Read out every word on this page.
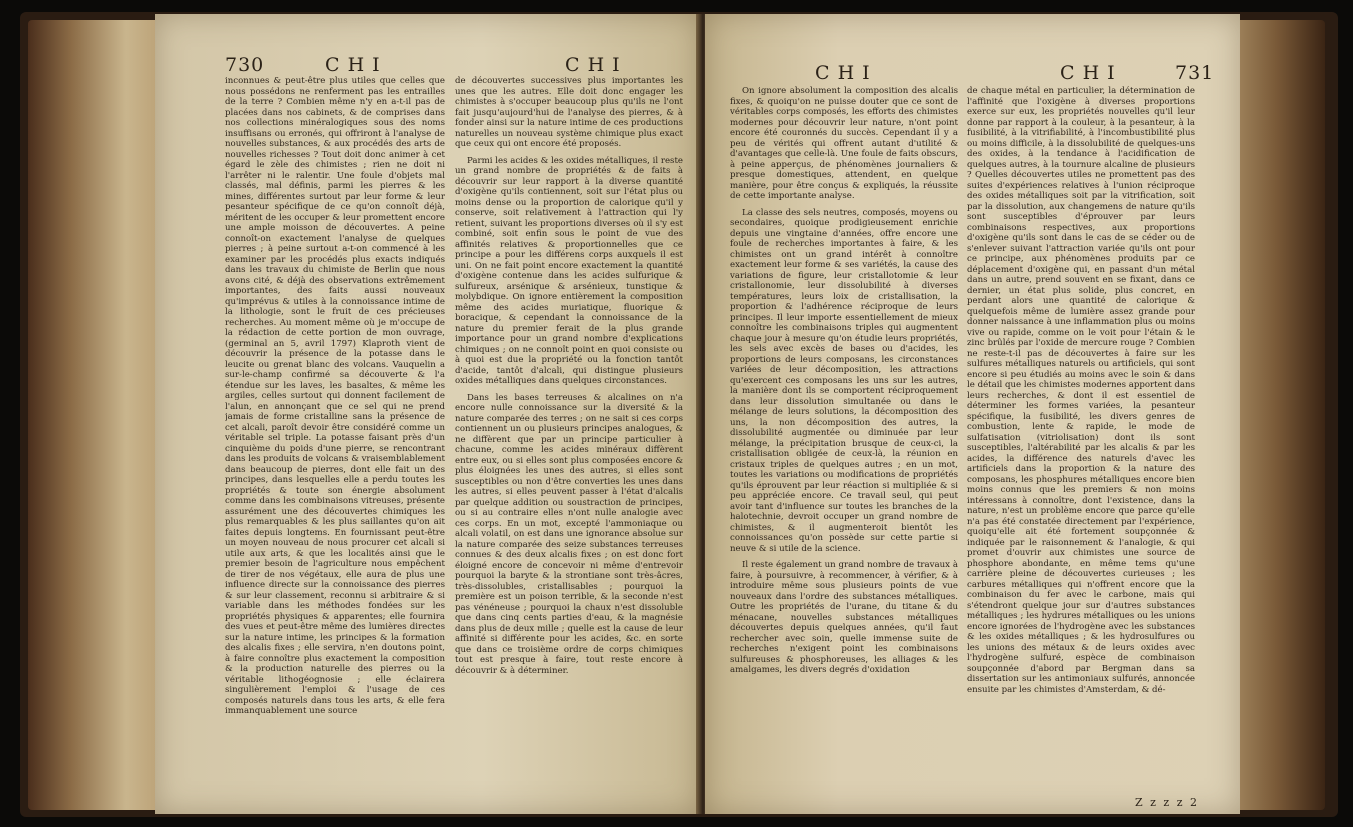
730	C H I	C H I

inconnues & peut-être plus utiles que celles que nous possédons ne renferment pas les entrailles de la terre ? Combien même n'y en a-t-il pas de placées dans nos cabinets, & de comprises dans nos collections minéralogiques sous des noms insuffisans ou erronés, qui offriront à l'analyse de nouvelles substances, & aux procédés des arts de nouvelles richesses ? Tout doit donc animer à cet égard le zèle des chimistes ; rien ne doit ni l'arrêter ni le ralentir. Une foule d'objets mal classés, mal définis, parmi les pierres & les mines, différentes surtout par leur forme & leur pesanteur spécifique de ce qu'on connoît déjà, méritent de les occuper & leur promettent encore une ample moisson de découvertes. A peine connoît-on exactement l'analyse de quelques pierres ; à peine surtout a-t-on commencé à les examiner par les procédés plus exacts indiqués dans les travaux du chimiste de Berlin que nous avons cité, & déjà des observations extrêmement importantes, des faits aussi nouveaux qu'imprévus & utiles à la connoissance intime de la lithologie, sont le fruit de ces précieuses recherches. Au moment même où je m'occupe de la rédaction de cette portion de mon ouvrage, (germinal an 5, avril 1797) Klaproth vient de découvrir la présence de la potasse dans le leucite ou grenat blanc des volcans. Vauquelin a sur-le-champ confirmé sa découverte & l'a étendue sur les laves, les basaltes, & même les argiles, celles surtout qui donnent facilement de l'alun, en annonçant que ce sel qui ne prend jamais de forme cristalline sans la présence de cet alcali, paroît devoir être considéré comme un véritable sel triple. La potasse faisant près d'un cinquième du poids d'une pierre, se rencontrant dans les produits de volcans & vraisemblablement dans beaucoup de pierres, dont elle fait un des principes, dans lesquelles elle a perdu toutes les propriétés & toute son énergie absolument comme dans les combinaisons vitreuses, présente assurément une des découvertes chimiques les plus remarquables & les plus saillantes qu'on ait faites depuis longtems. En fournissant peut-être un moyen nouveau de nous procurer cet alcali si utile aux arts, & que les localités ainsi que le premier besoin de l'agriculture nous empêchent de tirer de nos végétaux, elle aura de plus une influence directe sur la connoissance des pierres & sur leur classement, reconnu si arbitraire & si variable dans les méthodes fondées sur les propriétés physiques & apparentes; elle fournira des vues et peut-être même des lumières directes sur la nature intime, les principes & la formation des alcalis fixes ; elle servira, n'en doutons point, à faire connoître plus exactement la composition & la production naturelle des pierres ou la véritable lithogéognosie ; elle éclairera singulièrement l'emploi & l'usage de ces composés naturels dans tous les arts, & elle fera immanquablement une source

de découvertes successives plus importantes les unes que les autres. Elle doit donc engager les chimistes à s'occuper beaucoup plus qu'ils ne l'ont fait jusqu'aujourd'hui de l'analyse des pierres, & à fonder ainsi sur la nature intime de ces productions naturelles un nouveau système chimique plus exact que ceux qui ont encore été proposés.

Parmi les acides & les oxides métalliques, il reste un grand nombre de propriétés & de faits à découvrir sur leur rapport à la diverse quantité d'oxigène qu'ils contiennent, soit sur l'état plus ou moins dense ou la proportion de calorique qu'il y conserve, soit relativement à l'attraction qui l'y retient, suivant les proportions diverses où il s'y est combiné, soit enfin sous le point de vue des affinités relatives & proportionnelles que ce principe a pour les différens corps auxquels il est uni. On ne fait point encore exactement la quantité d'oxigène contenue dans les acides sulfurique & sulfureux, arsénique & arsénieux, tunstique & molybdique. On ignore entièrement la composition même des acides muriatique, fluorique & boracique, & cependant la connoissance de la nature du premier ferait de la plus grande importance pour un grand nombre d'explications chimiques ; on ne connoît point en quoi consiste ou à quoi est due la propriété ou la fonction tantôt d'acide, tantôt d'alcali, qui distingue plusieurs oxides métalliques dans quelques circonstances.

Dans les bases terreuses & alcalines on n'a encore nulle connoissance sur la diversité & la nature comparée des terres ; on ne sait si ces corps contiennent un ou plusieurs principes analogues, & ne diffèrent que par un principe particulier à chacune, comme les acides minéraux diffèrent entre eux, ou si elles sont plus composées encore & plus éloignées les unes des autres, si elles sont susceptibles ou non d'être converties les unes dans les autres, si elles peuvent passer à l'état d'alcalis par quelque addition ou soustraction de principes, ou si au contraire elles n'ont nulle analogie avec ces corps. En un mot, excepté l'ammoniaque ou alcali volatil, on est dans une ignorance absolue sur la nature comparée des seize substances terreuses connues & des deux alcalis fixes ; on est donc fort éloigné encore de concevoir ni même d'entrevoir pourquoi la baryte & la strontiane sont très-âcres, très-dissolubles, cristallisables ; pourquoi la première est un poison terrible, & la seconde n'est pas vénéneuse ; pourquoi la chaux n'est dissoluble que dans cinq cents parties d'eau, & la magnésie dans plus de deux mille ; quelle est la cause de leur affinité si différente pour les acides, &c. en sorte que dans ce troisième ordre de corps chimiques tout est presque à faire, tout reste encore à découvrir & à déterminer.

C H I	C H I	731

On ignore absolument la composition des alcalis fixes, & quoiqu'on ne puisse douter que ce sont de véritables corps composés, les efforts des chimistes modernes pour découvrir leur nature, n'ont point encore été couronnés du succès. Cependant il y a peu de vérités qui offrent autant d'utilité & d'avantages que celle-là. Une foule de faits obscurs, à peine apperçus, de phénomènes journaliers & presque domestiques, attendent, en quelque manière, pour être conçus & expliqués, la réussite de cette importante analyse.

La classe des sels neutres, composés, moyens ou secondaires, quoique prodigieusement enrichie depuis une vingtaine d'années, offre encore une foule de recherches importantes à faire, & les chimistes ont un grand intérêt à connoître exactement leur forme & ses variétés, la cause des variations de figure, leur cristallotomie & leur cristallonomie, leur dissolubilité à diverses températures, leurs loix de cristallisation, la proportion & l'adhérence réciproque de leurs principes. Il leur importe essentiellement de mieux connoître les combinaisons triples qui augmentent chaque jour à mesure qu'on étudie leurs propriétés, les sels avec excès de bases ou d'acides, les proportions de leurs composans, les circonstances variées de leur décomposition, les attractions qu'exercent ces composans les uns sur les autres, la manière dont ils se comportent réciproquement dans leur dissolution simultanée ou dans le mélange de leurs solutions, la décomposition des uns, la non décomposition des autres, la dissolubilité augmentée ou diminuée par leur mélange, la précipitation brusque de ceux-ci, la cristallisation obligée de ceux-là, la réunion en cristaux triples de quelques autres ; en un mot, toutes les variations ou modifications de propriétés qu'ils éprouvent par leur réaction si multipliée & si peu appréciée encore. Ce travail seul, qui peut avoir tant d'influence sur toutes les branches de la halotechnie, devroit occuper un grand nombre de chimistes, & il augmenteroit bientôt les connoissances qu'on possède sur cette partie si neuve & si utile de la science.

Il reste également un grand nombre de travaux à faire, à poursuivre, à recommencer, à vérifier, & à introduire même sous plusieurs points de vue nouveaux dans l'ordre des substances métalliques. Outre les propriétés de l'urane, du titane & du ménacane, nouvelles substances métalliques découvertes depuis quelques années, qu'il faut rechercher avec soin, quelle immense suite de recherches n'exigent point les combinaisons sulfureuses & phosphoreuses, les alliages & les amalgames, les divers degrés d'oxidation

de chaque métal en particulier, la détermination de l'affinité que l'oxigène à diverses proportions exerce sur eux, les propriétés nouvelles qu'il leur donne par rapport à la couleur, à la pesanteur, à la fusibilité, à la vitrifiabilité, à l'incombustibilité plus ou moins difficile, à la dissolubilité de quelques-uns des oxides, à la tendance à l'acidification de quelques autres, à la tournure alcaline de plusieurs ? Quelles découvertes utiles ne promettent pas des suites d'expériences relatives à l'union réciproque des oxides métalliques soit par la vitrification, soit par la dissolution, aux changemens de nature qu'ils sont susceptibles d'éprouver par leurs combinaisons respectives, aux proportions d'oxigène qu'ils sont dans le cas de se céder ou de s'enlever suivant l'attraction variée qu'ils ont pour ce principe, aux phénomènes produits par ce déplacement d'oxigène qui, en passant d'un métal dans un autre, prend souvent en se fixant, dans ce dernier, un état plus solide, plus concret, en perdant alors une quantité de calorique & quelquefois même de lumière assez grande pour donner naissance à une inflammation plus ou moins vive ou rapide, comme on le voit pour l'étain & le zinc brûlés par l'oxide de mercure rouge ? Combien ne reste-t-il pas de découvertes à faire sur les sulfures métalliques naturels ou artificiels, qui sont encore si peu étudiés au moins avec le soin & dans le détail que les chimistes modernes apportent dans leurs recherches, & dont il est essentiel de déterminer les formes variées, la pesanteur spécifique, la fusibilité, les divers genres de combustion, lente & rapide, le mode de sulfatisation (vitriolisation) dont ils sont susceptibles, l'altérabilité par les alcalis & par les acides, la différence des naturels d'avec les artificiels dans la proportion & la nature des composans, les phosphures métalliques encore bien moins connus que les premiers & non moins intéressans à connoître, dont l'existence, dans la nature, n'est un problème encore que parce qu'elle n'a pas été constatée directement par l'expérience, quoiqu'elle ait été fortement soupçonnée & indiquée par le raisonnement & l'analogie, & qui promet d'ouvrir aux chimistes une source de phosphore abondante, en même tems qu'une carrière pleine de découvertes curieuses ; les carbures métalliques qui n'offrent encore que la combinaison du fer avec le carbone, mais qui s'étendront quelque jour sur d'autres substances métalliques ; les hydrures métalliques ou les unions encore ignorées de l'hydrogène avec les substances & les oxides métalliques ; & les hydrosulfures ou les unions des métaux & de leurs oxides avec l'hydrogène sulfuré, espèce de combinaison soupçonnée d'abord par Bergman dans sa dissertation sur les antimoniaux sulfurés, annoncée ensuite par les chimistes d'Amsterdam, & dé-

Z z z z 2
